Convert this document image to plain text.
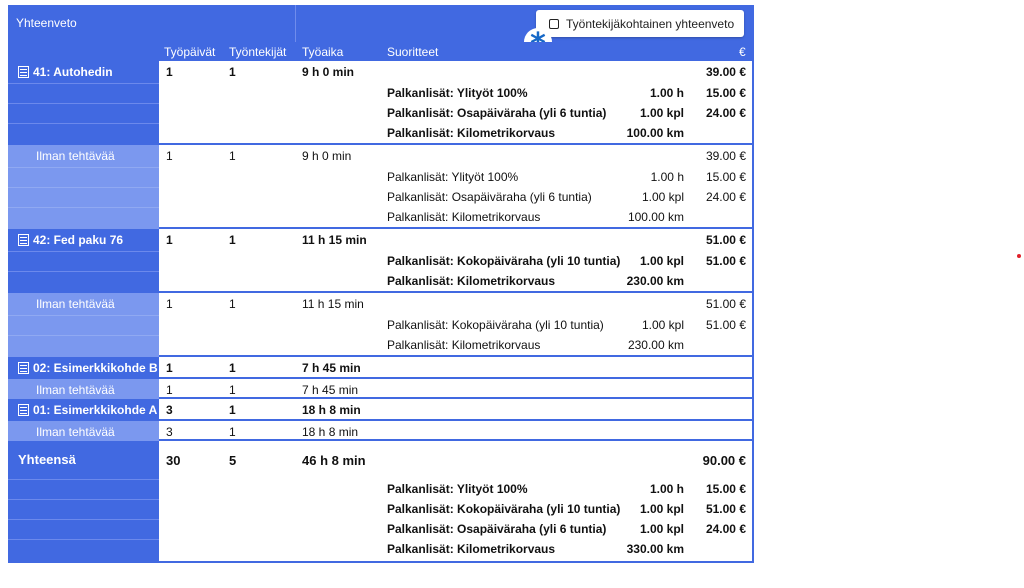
Yhteenveto	Työntekijäkohtainen yhteenveto
Työpäivät Työntekijät Työaika	Suoritteet	€
41: Autohedin	1	1	9 h 0 min	39.00 €
Palkanlisät: Ylityöt 100%	1.00 h 15.00 €
Palkanlisät: Osapäiväraha (yli 6 tuntia)	1.00 kpl 24.00 €
Palkanlisät: Kilometrikorvaus	100.00 km
Ilman tehtävää	1	1	9 h 0 min	39.00 €
Palkanlisät: Ylityöt 100%	1.00 h 15.00 €
Palkanlisät: Osapäiväraha (yli 6 tuntia)	1.00 kpl 24.00 €
Palkanlisät: Kilometrikorvaus	100.00 km
42: Fed paku 76	1	1	11 h 15 min	51.00 €
Palkanlisät: Kokopäiväraha (yli 10 tuntia) 1.00 kpl 51.00 €
Palkanlisät: Kilometrikorvaus	230.00 km
Ilman tehtävää	1	1	11 h 15 min	51.00 €
Palkanlisät: Kokopäiväraha (yli 10 tuntia)	1.00 kpl 51.00 €
Palkanlisät: Kilometrikorvaus	230.00 km
02: Esimerkkikohde B 1	1	7 h 45 min
Ilman tehtävää	1	1	7 h 45 min
01: Esimerkkikohde A 3	1	18 h 8 min
Ilman tehtävää	3	1	18 h 8 min
Yhteensä	30	5	46 h 8 min	90.00 €
Palkanlisät: Ylityöt 100%	1.00 h 15.00 €
Palkanlisät: Kokopäiväraha (yli 10 tuntia) 1.00 kpl 51.00 €
Palkanlisät: Osapäiväraha (yli 6 tuntia)	1.00 kpl 24.00 €
Palkanlisät: Kilometrikorvaus	330.00 km
